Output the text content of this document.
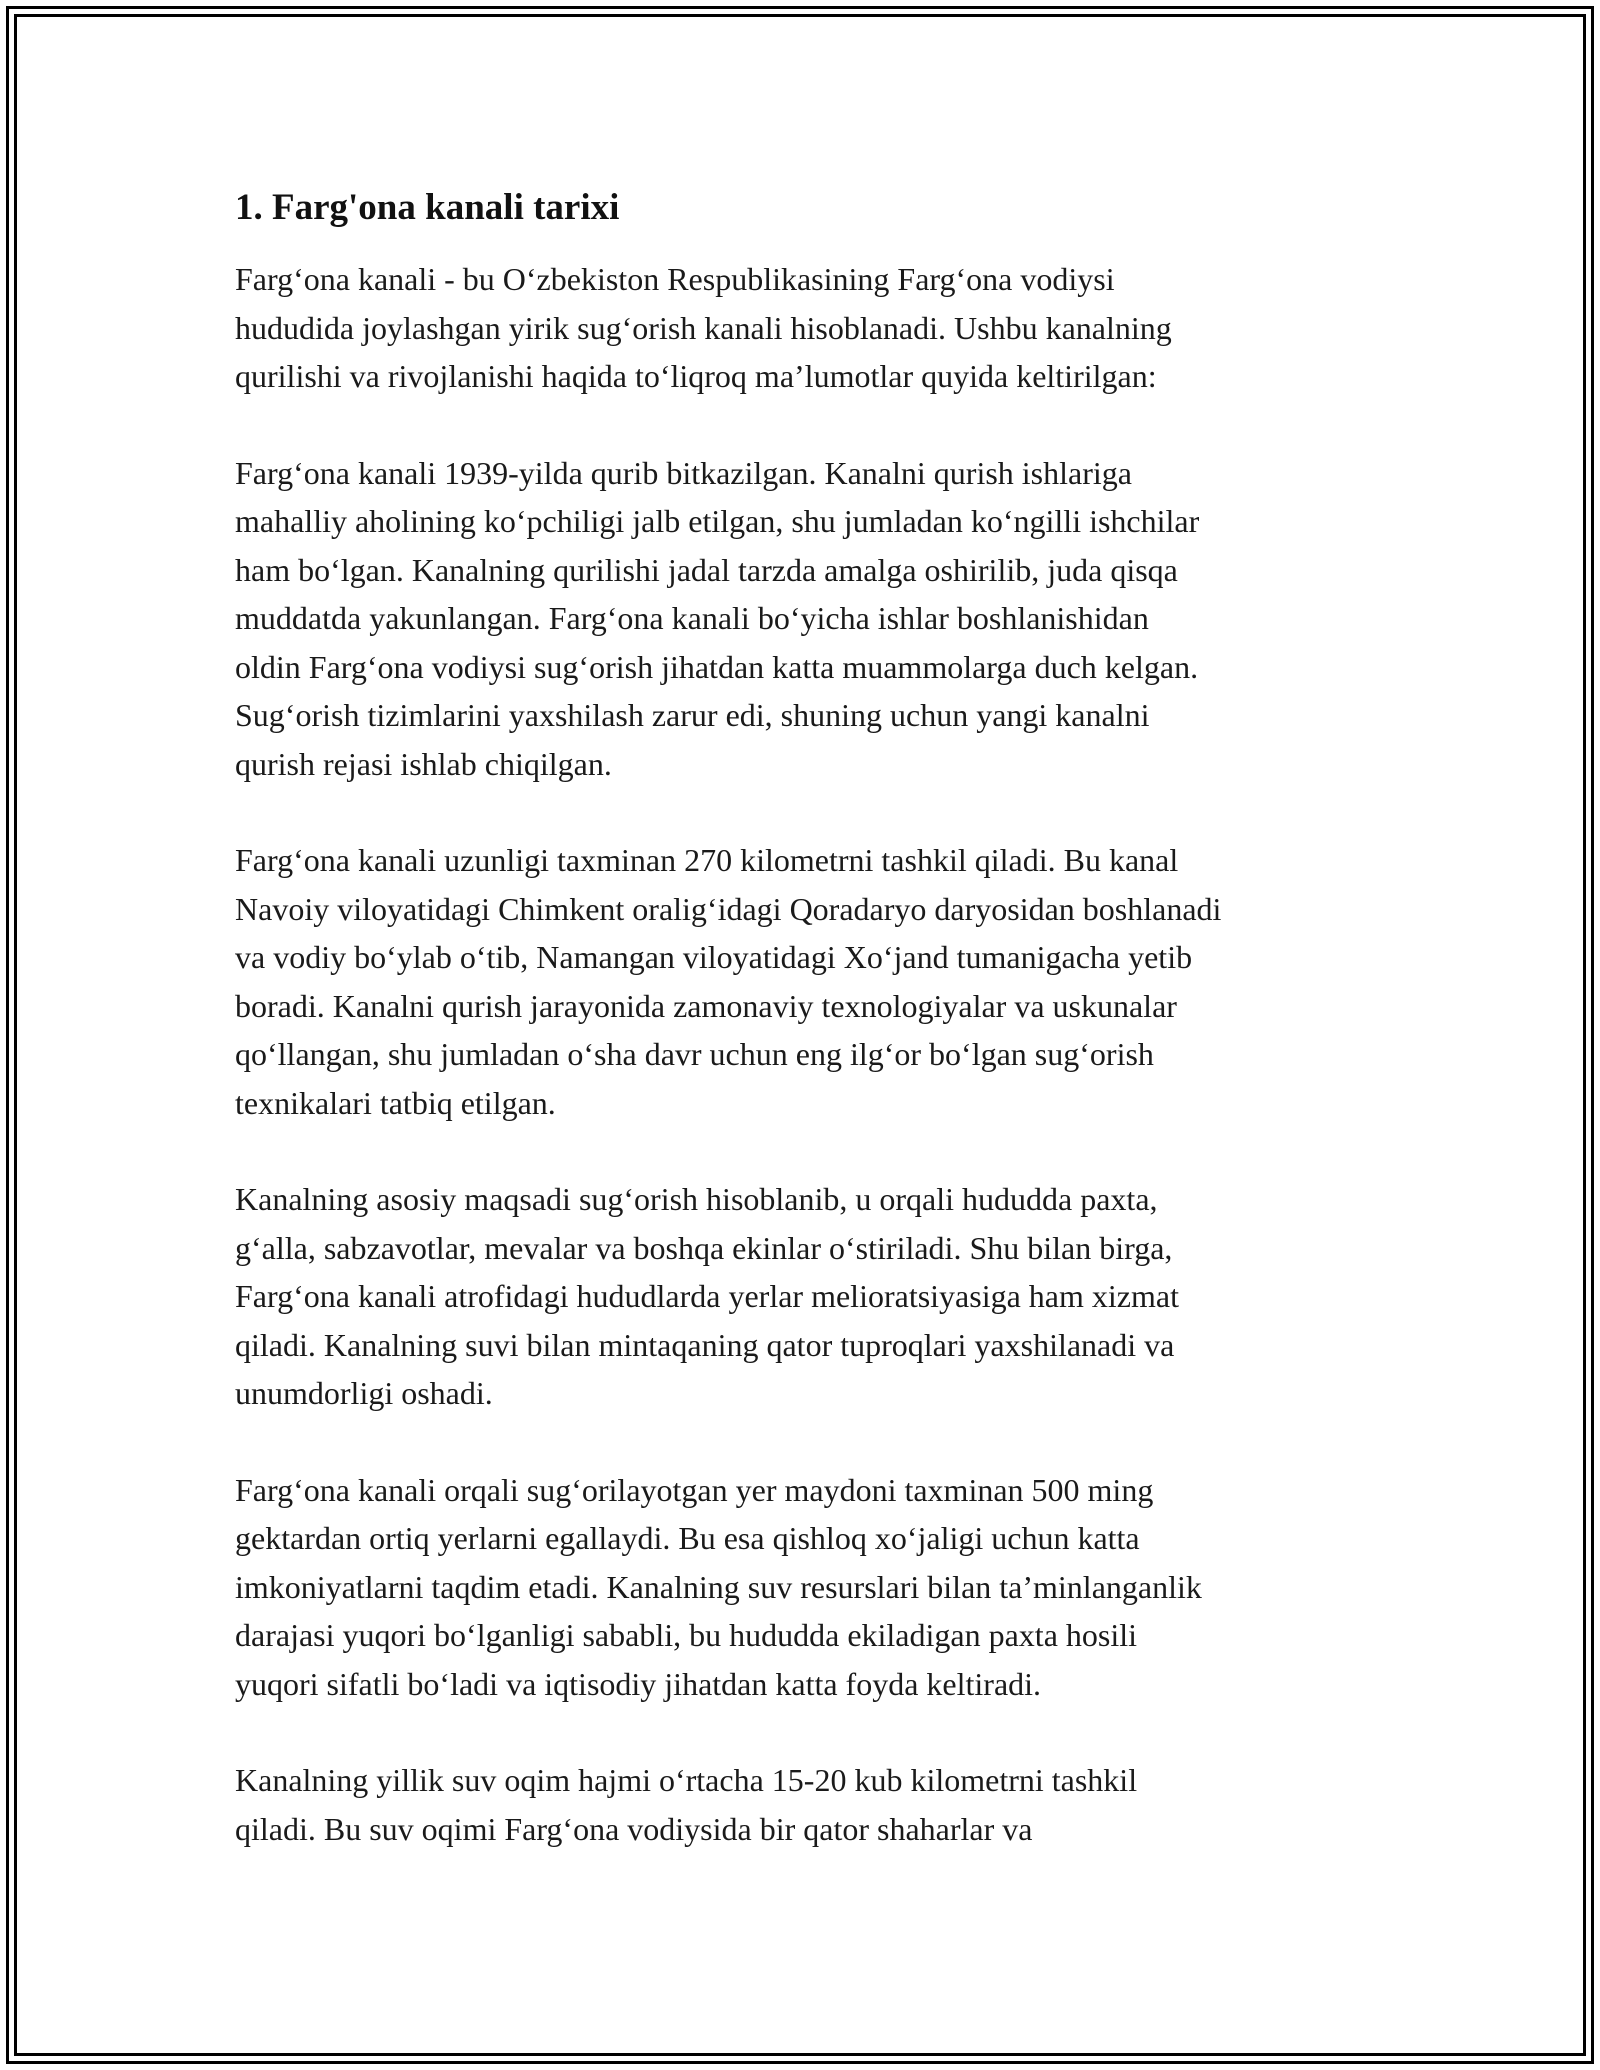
1. Farg'ona kanali tarixi
Farg‘ona kanali - bu O‘zbekiston Respublikasining Farg‘ona vodiysi
hududida joylashgan yirik sug‘orish kanali hisoblanadi. Ushbu kanalning
qurilishi va rivojlanishi haqida to‘liqroq ma’lumotlar quyida keltirilgan:
Farg‘ona kanali 1939-yilda qurib bitkazilgan. Kanalni qurish ishlariga
mahalliy aholining ko‘pchiligi jalb etilgan, shu jumladan ko‘ngilli ishchilar
ham bo‘lgan. Kanalning qurilishi jadal tarzda amalga oshirilib, juda qisqa
muddatda yakunlangan. Farg‘ona kanali bo‘yicha ishlar boshlanishidan
oldin Farg‘ona vodiysi sug‘orish jihatdan katta muammolarga duch kelgan.
Sug‘orish tizimlarini yaxshilash zarur edi, shuning uchun yangi kanalni
qurish rejasi ishlab chiqilgan.
Farg‘ona kanali uzunligi taxminan 270 kilometrni tashkil qiladi. Bu kanal
Navoiy viloyatidagi Chimkent oralig‘idagi Qoradaryo daryosidan boshlanadi
va vodiy bo‘ylab o‘tib, Namangan viloyatidagi Xo‘jand tumanigacha yetib
boradi. Kanalni qurish jarayonida zamonaviy texnologiyalar va uskunalar
qo‘llangan, shu jumladan o‘sha davr uchun eng ilg‘or bo‘lgan sug‘orish
texnikalari tatbiq etilgan.
Kanalning asosiy maqsadi sug‘orish hisoblanib, u orqali hududda paxta,
g‘alla, sabzavotlar, mevalar va boshqa ekinlar o‘stiriladi. Shu bilan birga,
Farg‘ona kanali atrofidagi hududlarda yerlar melioratsiyasiga ham xizmat
qiladi. Kanalning suvi bilan mintaqaning qator tuproqlari yaxshilanadi va
unumdorligi oshadi.
Farg‘ona kanali orqali sug‘orilayotgan yer maydoni taxminan 500 ming
gektardan ortiq yerlarni egallaydi. Bu esa qishloq xo‘jaligi uchun katta
imkoniyatlarni taqdim etadi. Kanalning suv resurslari bilan ta’minlanganlik
darajasi yuqori bo‘lganligi sababli, bu hududda ekiladigan paxta hosili
yuqori sifatli bo‘ladi va iqtisodiy jihatdan katta foyda keltiradi.
Kanalning yillik suv oqim hajmi o‘rtacha 15-20 kub kilometrni tashkil
qiladi. Bu suv oqimi Farg‘ona vodiysida bir qator shaharlar va
